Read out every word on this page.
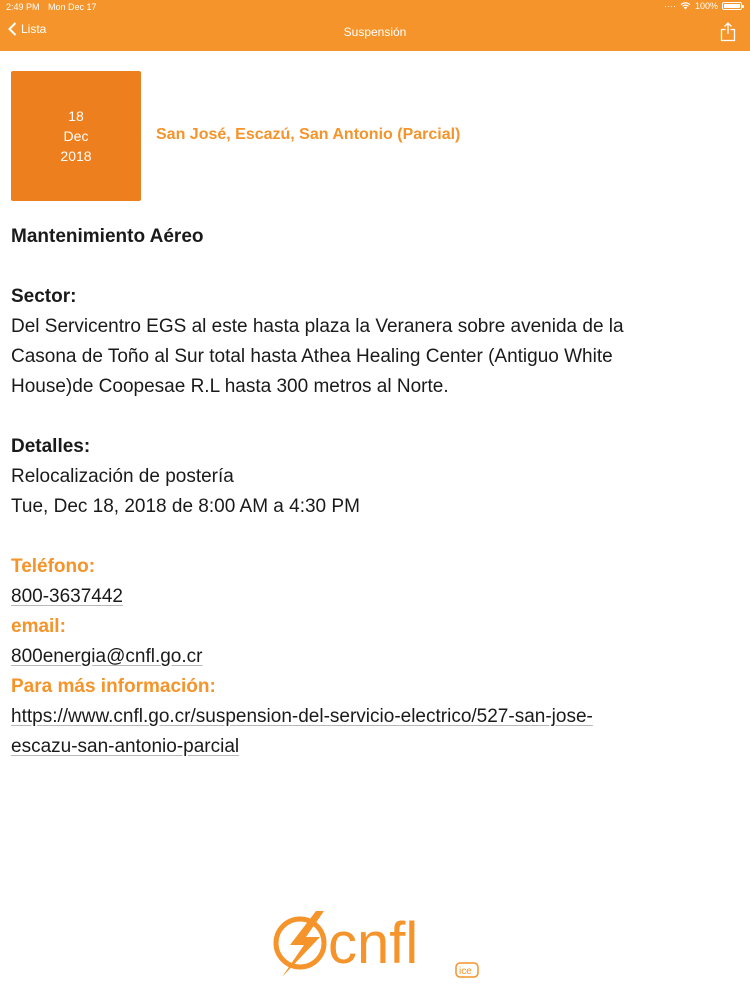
2:49 PM Mon Dec 17	···· 100%
Lista	Suspensión
18
Dec
2018
San José, Escazú, San Antonio (Parcial)
Mantenimiento Aéreo
Sector:
Del Servicentro EGS al este hasta plaza la Veranera sobre avenida de la
Casona de Toño al Sur total hasta Athea Healing Center (Antiguo White
House)de Coopesae R.L hasta 300 metros al Norte.
Detalles:
Relocalización de postería
Tue, Dec 18, 2018 de 8:00 AM a 4:30 PM
Teléfono:
800-3637442
email:
800energia@cnfl.go.cr
Para más información:
https://www.cnfl.go.cr/suspension-del-servicio-electrico/527-san-jose-
escazu-san-antonio-parcial
cnfl	ice
